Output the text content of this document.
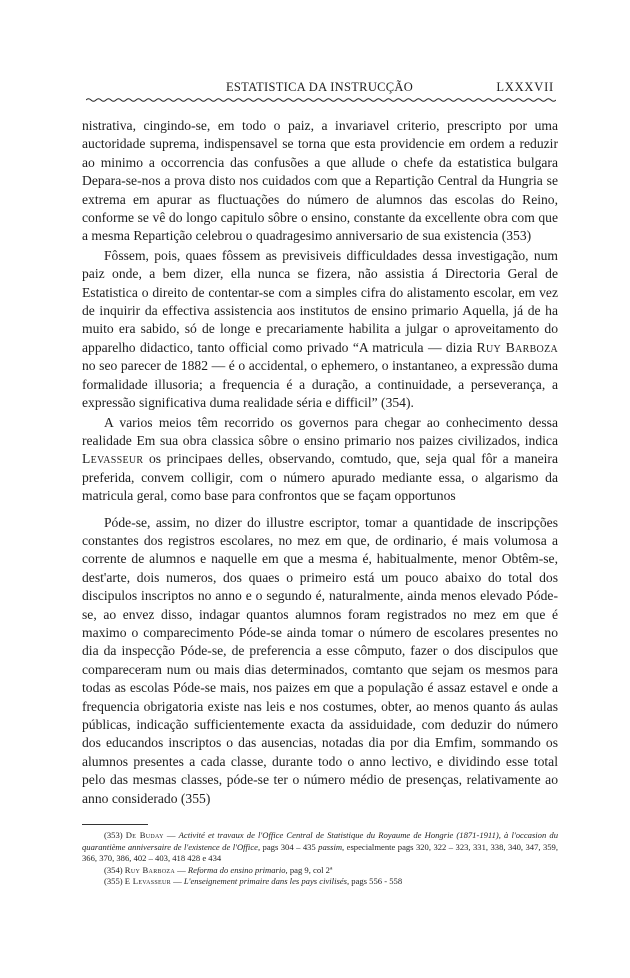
ESTATISTICA DA INSTRUCÇÃO	LXXXVII

nistrativa, cingindo-se, em todo o paiz, a invariavel criterio, prescripto por uma auctoridade suprema, indispensavel se torna que esta providencie em ordem a reduzir ao minimo a occorrencia das confusões a que allude o chefe da estatistica bulgara Depara-se-nos a prova disto nos cuidados com que a Repartição Central da Hungria se extrema em apurar as fluctuações do número de alumnos das escolas do Reino, conforme se vê do longo capitulo sôbre o ensino, constante da excellente obra com que a mesma Repartição celebrou o quadragesimo anniversario de sua existencia (353)

Fôssem, pois, quaes fôssem as previsiveis difficuldades dessa investigação, num paiz onde, a bem dizer, ella nunca se fizera, não assistia á Directoria Geral de Estatistica o direito de contentar-se com a simples cifra do alistamento escolar, em vez de inquirir da effectiva assistencia aos institutos de ensino primario Aquella, já de ha muito era sabido, só de longe e precariamente habilita a julgar o aproveitamento do apparelho didactico, tanto official como privado “A matricula — dizia Ruy Barboza no seo parecer de 1882 — é o accidental, o ephemero, o instantaneo, a expressão duma formalidade illusoria; a frequencia é a duração, a continuidade, a perseverança, a expressão significativa duma realidade séria e difficil” (354).

A varios meios têm recorrido os governos para chegar ao conhecimento dessa realidade Em sua obra classica sôbre o ensino primario nos paizes civilizados, indica Levasseur os principaes delles, observando, comtudo, que, seja qual fôr a maneira preferida, convem colligir, com o número apurado mediante essa, o algarismo da matricula geral, como base para confrontos que se façam opportunos

Póde-se, assim, no dizer do illustre escriptor, tomar a quantidade de inscripções constantes dos registros escolares, no mez em que, de ordinario, é mais volumosa a corrente de alumnos e naquelle em que a mesma é, habitualmente, menor Obtêm-se, dest'arte, dois numeros, dos quaes o primeiro está um pouco abaixo do total dos discipulos inscriptos no anno e o segundo é, naturalmente, ainda menos elevado Póde-se, ao envez disso, indagar quantos alumnos foram registrados no mez em que é maximo o comparecimento Póde-se ainda tomar o número de escolares presentes no dia da inspecção Póde-se, de preferencia a esse cômputo, fazer o dos discipulos que compareceram num ou mais dias determinados, comtanto que sejam os mesmos para todas as escolas Póde-se mais, nos paizes em que a população é assaz estavel e onde a frequencia obrigatoria existe nas leis e nos costumes, obter, ao menos quanto ás aulas públicas, indicação sufficientemente exacta da assiduidade, com deduzir do número dos educandos inscriptos o das ausencias, notadas dia por dia Emfim, sommando os alumnos presentes a cada classe, durante todo o anno lectivo, e dividindo esse total pelo das mesmas classes, póde-se ter o número médio de presenças, relativamente ao anno considerado (355)

(353) De Buday — Activité et travaux de l'Office Central de Statistique du Royaume de Hongrie (1871-1911), à l'occasion du quarantième anniversaire de l'existence de l'Office, pags 304 – 435 passim, especialmente pags 320, 322 – 323, 331, 338, 340, 347, 359, 366, 370, 386, 402 – 403, 418 428 e 434

(354) Ruy Barboza — Reforma do ensino primario, pag 9, col 2ª

(355) E Levasseur — L'enseignement primaire dans les pays civilisés, pags 556 - 558
